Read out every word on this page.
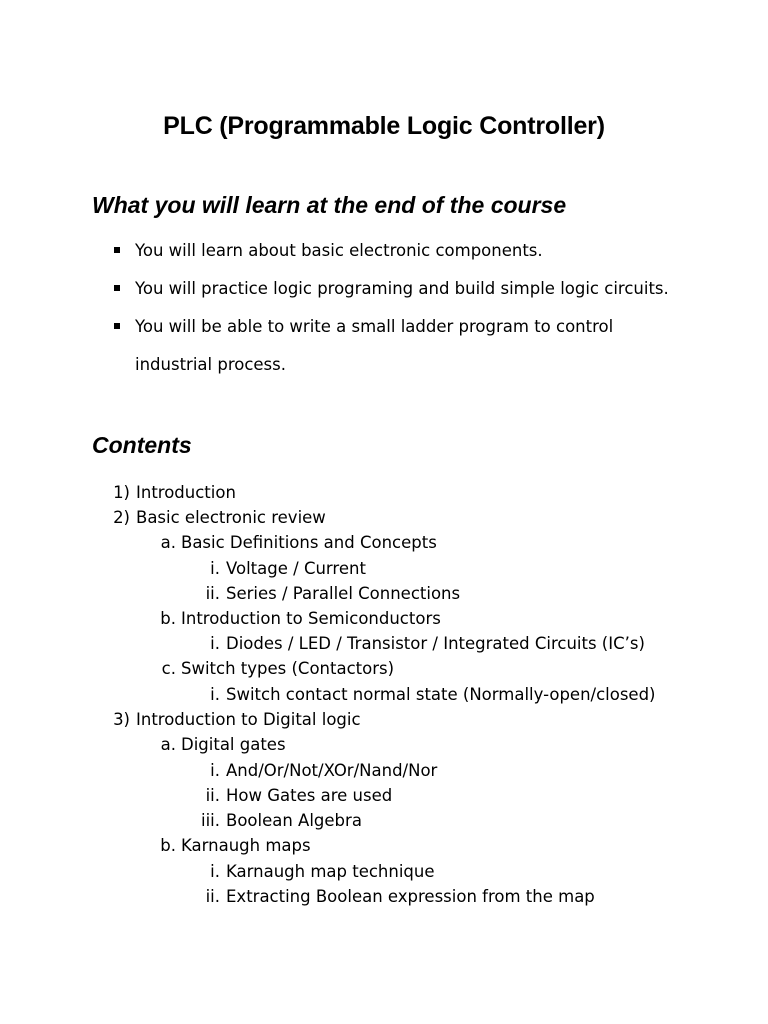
PLC (Programmable Logic Controller)
What you will learn at the end of the course
You will learn about basic electronic components.
You will practice logic programing and build simple logic circuits.
You will be able to write a small ladder program to control industrial process.
Contents
1) Introduction
2) Basic electronic review
a. Basic Definitions and Concepts
i. Voltage / Current
ii. Series / Parallel Connections
b. Introduction to Semiconductors
i. Diodes / LED / Transistor / Integrated Circuits (IC’s)
c. Switch types (Contactors)
i. Switch contact normal state (Normally-open/closed)
3) Introduction to Digital logic
a. Digital gates
i. And/Or/Not/XOr/Nand/Nor
ii. How Gates are used
iii. Boolean Algebra
b. Karnaugh maps
i. Karnaugh map technique
ii. Extracting Boolean expression from the map
